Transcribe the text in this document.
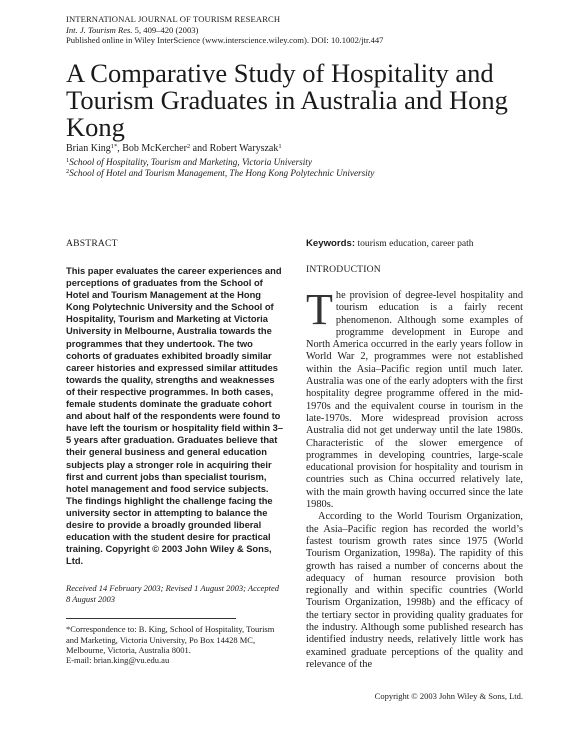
INTERNATIONAL JOURNAL OF TOURISM RESEARCH
Int. J. Tourism Res. 5, 409–420 (2003)
Published online in Wiley InterScience (www.interscience.wiley.com). DOI: 10.1002/jtr.447
A Comparative Study of Hospitality and Tourism Graduates in Australia and Hong Kong
Brian King$^{1*}$, Bob McKercher$^2$ and Robert Waryszak$^1$
$^1$School of Hospitality, Tourism and Marketing, Victoria University
$^2$School of Hotel and Tourism Management, The Hong Kong Polytechnic University
ABSTRACT
This paper evaluates the career experiences and perceptions of graduates from the School of Hotel and Tourism Management at the Hong Kong Polytechnic University and the School of Hospitality, Tourism and Marketing at Victoria University in Melbourne, Australia towards the programmes that they undertook. The two cohorts of graduates exhibited broadly similar career histories and expressed similar attitudes towards the quality, strengths and weaknesses of their respective programmes. In both cases, female students dominate the graduate cohort and about half of the respondents were found to have left the tourism or hospitality field within 3–5 years after graduation. Graduates believe that their general business and general education subjects play a stronger role in acquiring their first and current jobs than specialist tourism, hotel management and food service subjects. The findings highlight the challenge facing the university sector in attempting to balance the desire to provide a broadly grounded liberal education with the student desire for practical training. Copyright © 2003 John Wiley & Sons, Ltd.
Received 14 February 2003; Revised 1 August 2003; Accepted 8 August 2003
*Correspondence to: B. King, School of Hospitality, Tourism and Marketing, Victoria University, Po Box 14428 MC, Melbourne, Victoria, Australia 8001.
E-mail: brian.king@vu.edu.au
Keywords: tourism education, career path
INTRODUCTION

The provision of degree-level hospitality and tourism education is a fairly recent phenomenon. Although some examples of programme development in Europe and North America occurred in the early years follow in World War 2, programmes were not established within the Asia–Pacific region until much later. Australia was one of the early adopters with the first hospitality degree programme offered in the mid-1970s and the equivalent course in tourism in the late-1970s. More widespread provision across Australia did not get underway until the late 1980s. Characteristic of the slower emergence of programmes in developing countries, large-scale educational provision for hospitality and tourism in countries such as China occurred relatively late, with the main growth having occurred since the late 1980s.

According to the World Tourism Organization, the Asia–Pacific region has recorded the world’s fastest tourism growth rates since 1975 (World Tourism Organization, 1998a). The rapidity of this growth has raised a number of concerns about the adequacy of human resource provision both regionally and within specific countries (World Tourism Organization, 1998b) and the efficacy of the tertiary sector in providing quality graduates for the industry. Although some published research has identified industry needs, relatively little work has examined graduate perceptions of the quality and relevance of the

Copyright © 2003 John Wiley & Sons, Ltd.
